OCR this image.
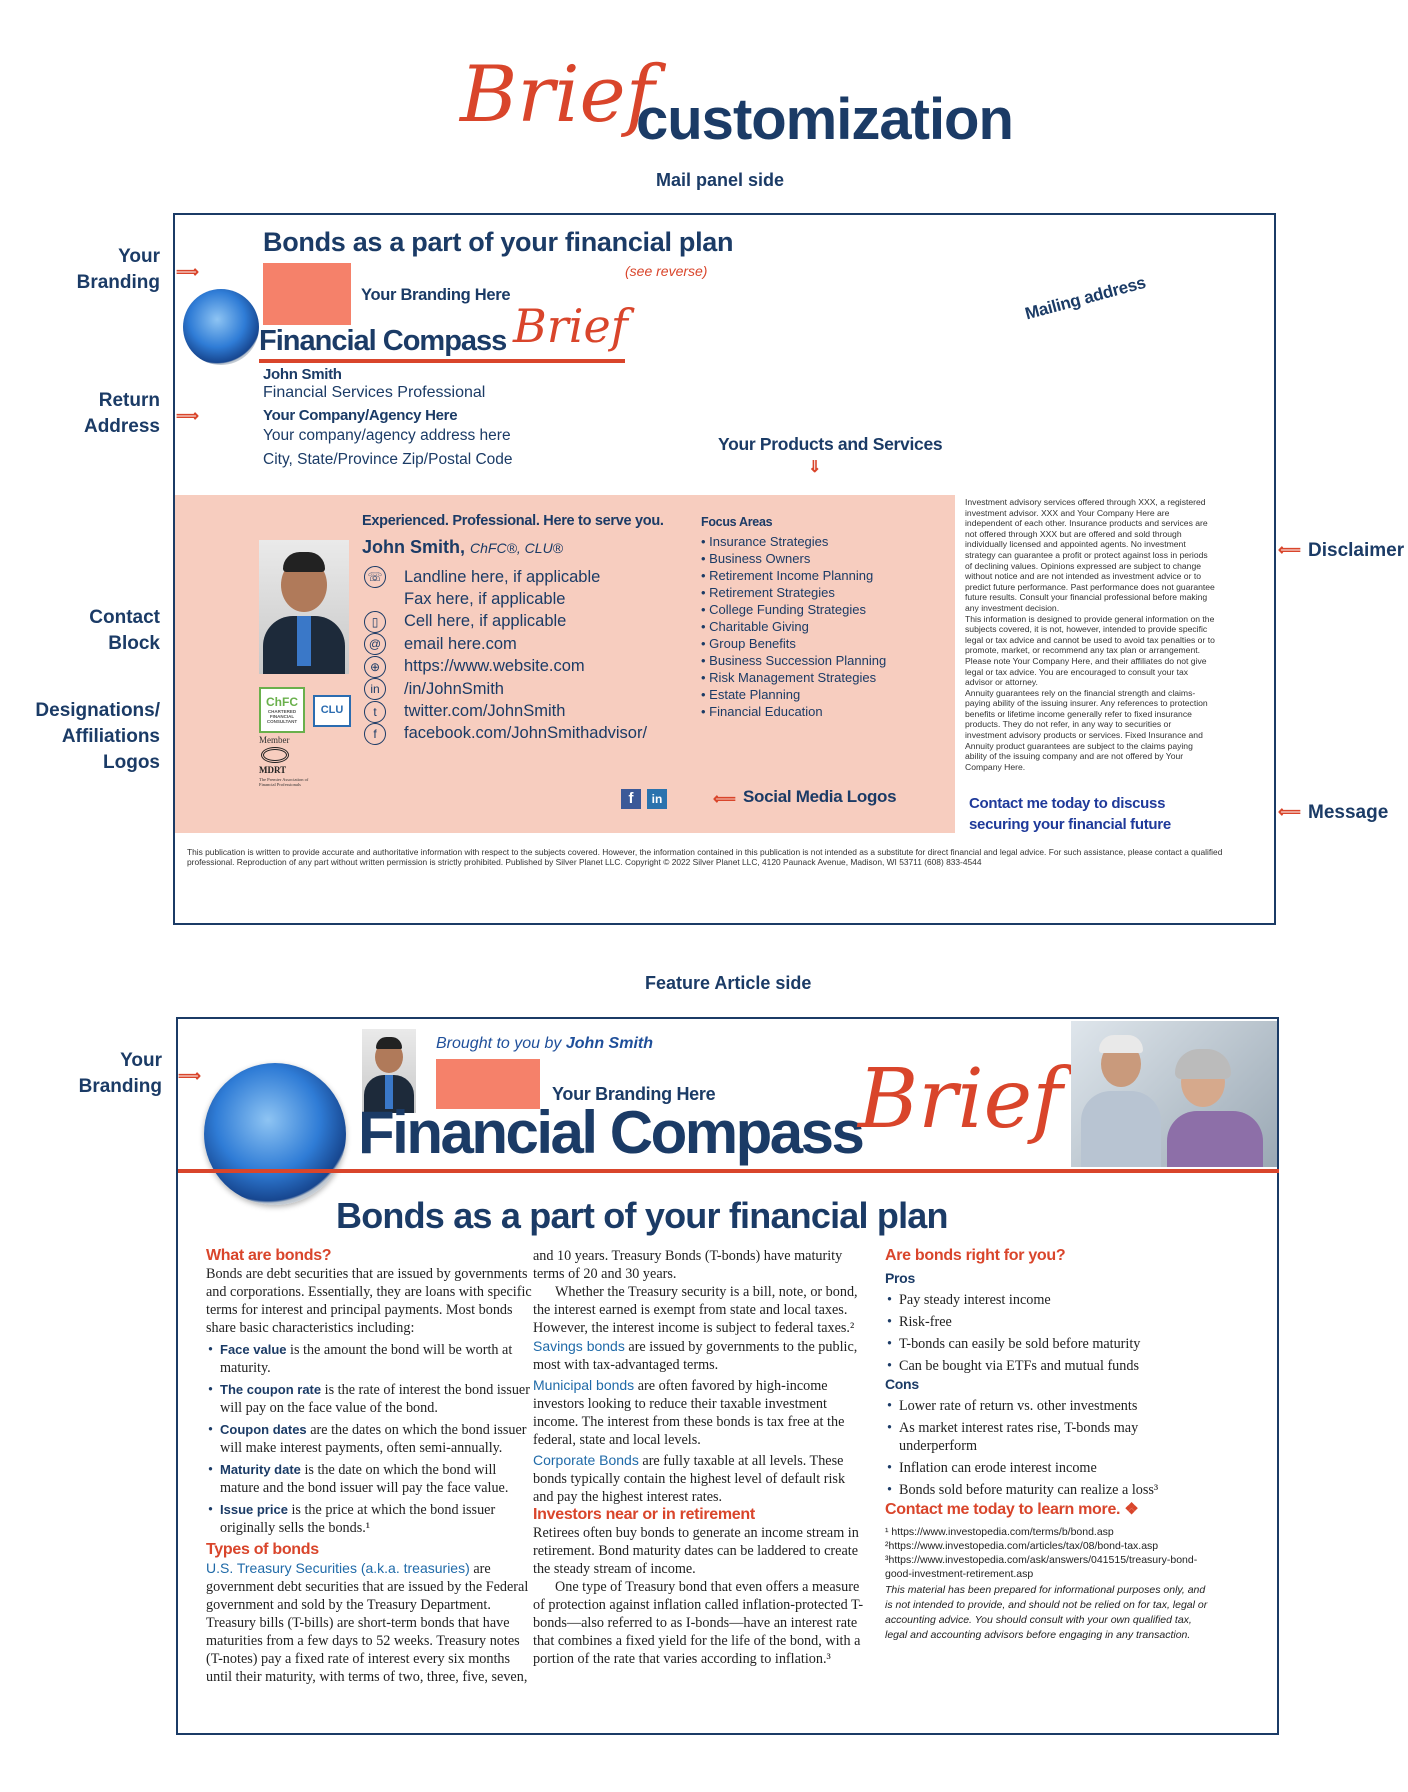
Brief
customization
Mail panel side
Your
Branding ⟹
Return
Address ⟹
Contact
Block
Designations/
Affiliations
Logos
⟸ Disclaimer
⟸ Message
Bonds as a part of your financial plan
(see reverse)
Your Branding Here
Financial Compass Brief
John Smith
Financial Services Professional
Your Company/Agency Here
Your company/agency address here
City, State/Province Zip/Postal Code
Mailing address
Your Products and Services
⇓
Experienced. Professional. Here to serve you.
John Smith, ChFC®, CLU®
☏ Landline here, if applicable
Fax here, if applicable
▯	Cell here, if applicable
@ email here.com
⊕	https://www.website.com
in	/in/JohnSmith
t	twitter.com/JohnSmith
f	facebook.com/JohnSmithadvisor/
ChFC
CHARTERED FINANCIAL CONSULTANT
CLU
Member
MDRT
The Premier Association of Financial Professionals
Focus Areas
• Insurance Strategies
• Business Owners
• Retirement Income Planning
• Retirement Strategies
• College Funding Strategies
• Charitable Giving
• Group Benefits
• Business Succession Planning
• Risk Management Strategies
• Estate Planning
• Financial Education
f	in	⟸ Social Media Logos
Investment advisory services offered through XXX, a registered investment advisor. XXX and Your Company Here are independent of each other. Insurance products and services are not offered through XXX but are offered and sold through individually licensed and appointed agents. No investment strategy can guarantee a profit or protect against loss in periods of declining values. Opinions expressed are subject to change without notice and are not intended as investment advice or to predict future performance. Past performance does not guarantee future results. Consult your financial professional before making any investment decision.
This information is designed to provide general information on the subjects covered, it is not, however, intended to provide specific legal or tax advice and cannot be used to avoid tax penalties or to promote, market, or recommend any tax plan or arrangement. Please note Your Company Here, and their affiliates do not give legal or tax advice. You are encouraged to consult your tax advisor or attorney.
Annuity guarantees rely on the financial strength and claims-paying ability of the issuing insurer. Any references to protection benefits or lifetime income generally refer to fixed insurance products. They do not refer, in any way to securities or investment advisory products or services. Fixed Insurance and Annuity product guarantees are subject to the claims paying ability of the issuing company and are not offered by Your Company Here.
Contact me today to discuss securing your financial future
This publication is written to provide accurate and authoritative information with respect to the subjects covered. However, the information contained in this publication is not intended as a substitute for direct financial and legal advice. For such assistance, please contact a qualified professional. Reproduction of any part without written permission is strictly prohibited. Published by Silver Planet LLC. Copyright © 2022 Silver Planet LLC, 4120 Paunack Avenue, Madison, WI 53711 (608) 833-4544
Feature Article side
Your
Branding ⟹
Brought to you by John Smith
Your Branding Here
Financial Compass
Brief
Bonds as a part of your financial plan
What are bonds?
Bonds are debt securities that are issued by governments and corporations. Essentially, they are loans with specific terms for interest and principal payments. Most bonds share basic characteristics including:
• Face value is the amount the bond will be worth at maturity.
• The coupon rate is the rate of interest the bond issuer will pay on the face value of the bond.
• Coupon dates are the dates on which the bond issuer will make interest payments, often semi-annually.
• Maturity date is the date on which the bond will mature and the bond issuer will pay the face value.
• Issue price is the price at which the bond issuer originally sells the bonds.¹
Types of bonds
U.S. Treasury Securities (a.k.a. treasuries) are government debt securities that are issued by the Federal government and sold by the Treasury Department. Treasury bills (T-bills) are short-term bonds that have maturities from a few days to 52 weeks. Treasury notes (T-notes) pay a fixed rate of interest every six months until their maturity, with terms of two, three, five, seven,
and 10 years. Treasury Bonds (T-bonds) have maturity terms of 20 and 30 years.
Whether the Treasury security is a bill, note, or bond, the interest earned is exempt from state and local taxes. However, the interest income is subject to federal taxes.²
Savings bonds are issued by governments to the public, most with tax-advantaged terms.
Municipal bonds are often favored by high-income investors looking to reduce their taxable investment income. The interest from these bonds is tax free at the federal, state and local levels.
Corporate Bonds are fully taxable at all levels. These bonds typically contain the highest level of default risk and pay the highest interest rates.
Investors near or in retirement
Retirees often buy bonds to generate an income stream in retirement. Bond maturity dates can be laddered to create the steady stream of income.
One type of Treasury bond that even offers a measure of protection against inflation called inflation-protected T-bonds—also referred to as I-bonds—have an interest rate that combines a fixed yield for the life of the bond, with a portion of the rate that varies according to inflation.³
Are bonds right for you?
Pros
• Pay steady interest income
• Risk-free
• T-bonds can easily be sold before maturity
• Can be bought via ETFs and mutual funds
Cons
• Lower rate of return vs. other investments
• As market interest rates rise, T-bonds may underperform
• Inflation can erode interest income
• Bonds sold before maturity can realize a loss³
Contact me today to learn more. ❖
¹ https://www.investopedia.com/terms/b/bond.asp
²https://www.investopedia.com/articles/tax/08/bond-tax.asp
³https://www.investopedia.com/ask/answers/041515/treasury-bond-good-investment-retirement.asp
This material has been prepared for informational purposes only, and is not intended to provide, and should not be relied on for tax, legal or accounting advice. You should consult with your own qualified tax, legal and accounting advisors before engaging in any transaction.
